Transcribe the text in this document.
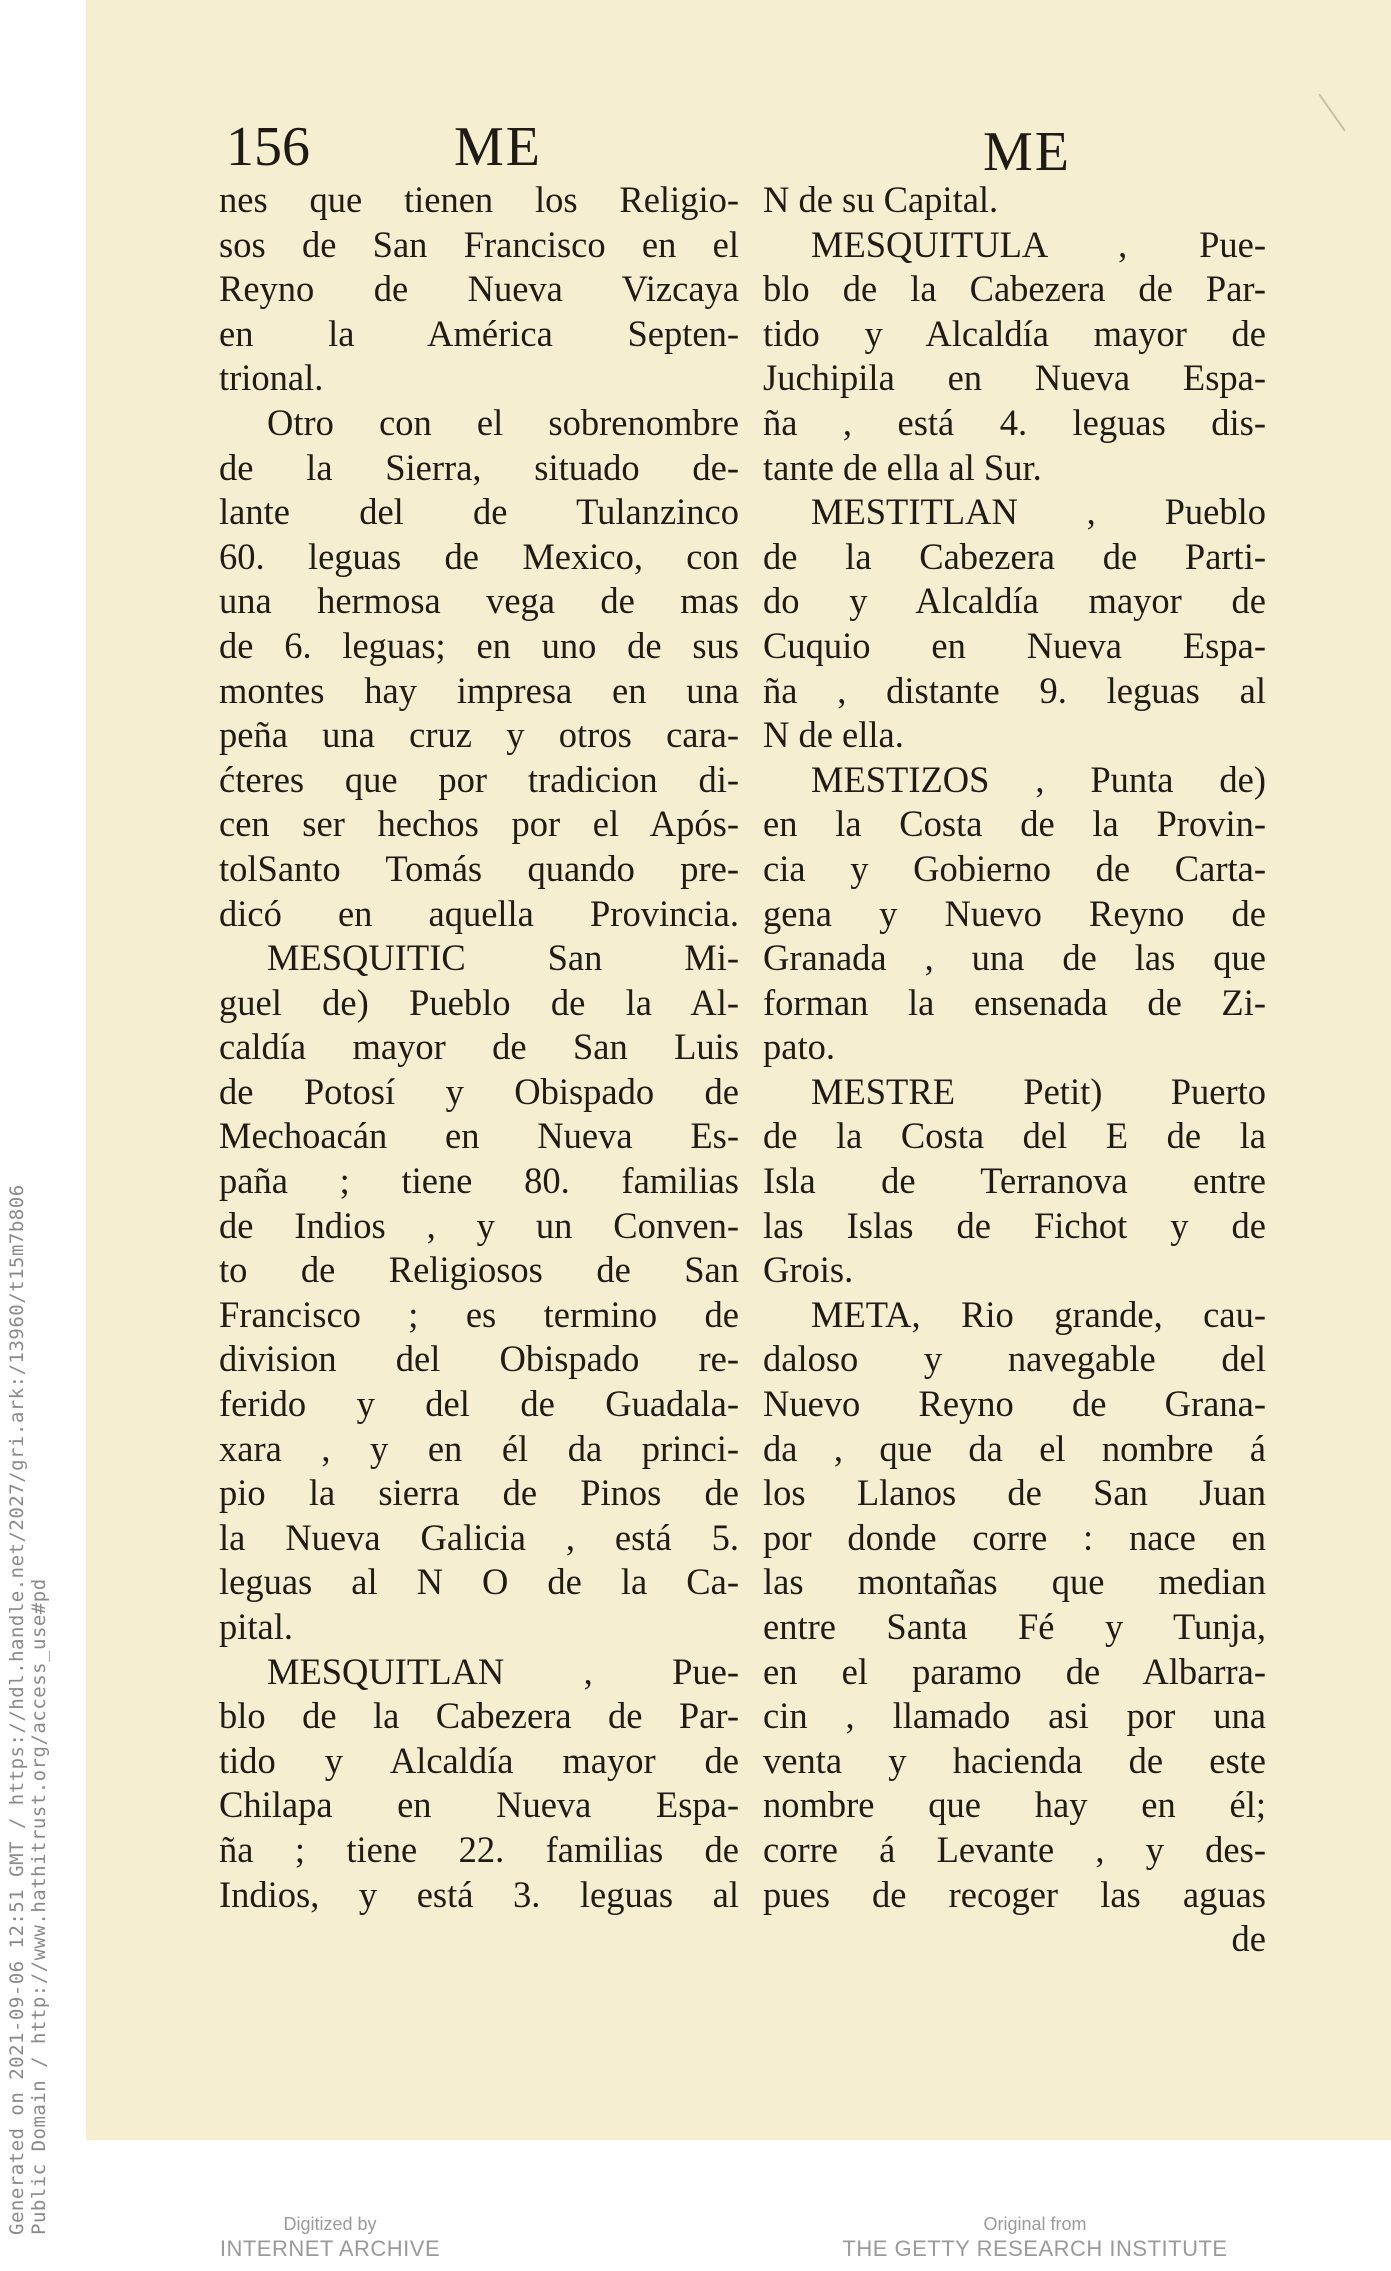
Generated on 2021-09-06 12:51 GMT / https://hdl.handle.net/2027/gri.ark:/13960/t15m7b806 Public Domain / http://www.hathitrust.org/access_use#pd
156	ME	ME
nes que tienen los Religio-
sos de San Francisco en el
Reyno de Nueva Vizcaya
en la América Septen-
trional.
Otro con el sobrenombre
de la Sierra, situado de-
lante del de Tulanzinco
60. leguas de Mexico, con
una hermosa vega de mas
de 6. leguas; en uno de sus
montes hay impresa en una
peña una cruz y otros cara-
ćteres que por tradicion di-
cen ser hechos por el Após-
tolSanto Tomás quando pre-
dicó en aquella Provincia.
MESQUITIC San Mi-
guel de) Pueblo de la Al-
caldía mayor de San Luis
de Potosí y Obispado de
Mechoacán en Nueva Es-
paña ; tiene 80. familias
de Indios , y un Conven-
to de Religiosos de San
Francisco ; es termino de
division del Obispado re-
ferido y del de Guadala-
xara , y en él da princi-
pio la sierra de Pinos de
la Nueva Galicia , está 5.
leguas al N O de la Ca-
pital.
MESQUITLAN , Pue-
blo de la Cabezera de Par-
tido y Alcaldía mayor de
Chilapa en Nueva Espa-
ña ; tiene 22. familias de
Indios, y está 3. leguas al
N de su Capital.
MESQUITULA , Pue-
blo de la Cabezera de Par-
tido y Alcaldía mayor de
Juchipila en Nueva Espa-
ña , está 4. leguas dis-
tante de ella al Sur.
MESTITLAN , Pueblo
de la Cabezera de Parti-
do y Alcaldía mayor de
Cuquio en Nueva Espa-
ña , distante 9. leguas al
N de ella.
MESTIZOS , Punta de)
en la Costa de la Provin-
cia y Gobierno de Carta-
gena y Nuevo Reyno de
Granada , una de las que
forman la ensenada de Zi-
pato.
MESTRE Petit) Puerto
de la Costa del E de la
Isla de Terranova entre
las Islas de Fichot y de
Grois.
META, Rio grande, cau-
daloso y navegable del
Nuevo Reyno de Grana-
da , que da el nombre á
los Llanos de San Juan
por donde corre : nace en
las montañas que median
entre Santa Fé y Tunja,
en el paramo de Albarra-
cin , llamado asi por una
venta y hacienda de este
nombre que hay en él;
corre á Levante , y des-
pues de recoger las aguas
de
Digitized by
INTERNET ARCHIVE
Original from
THE GETTY RESEARCH INSTITUTE
